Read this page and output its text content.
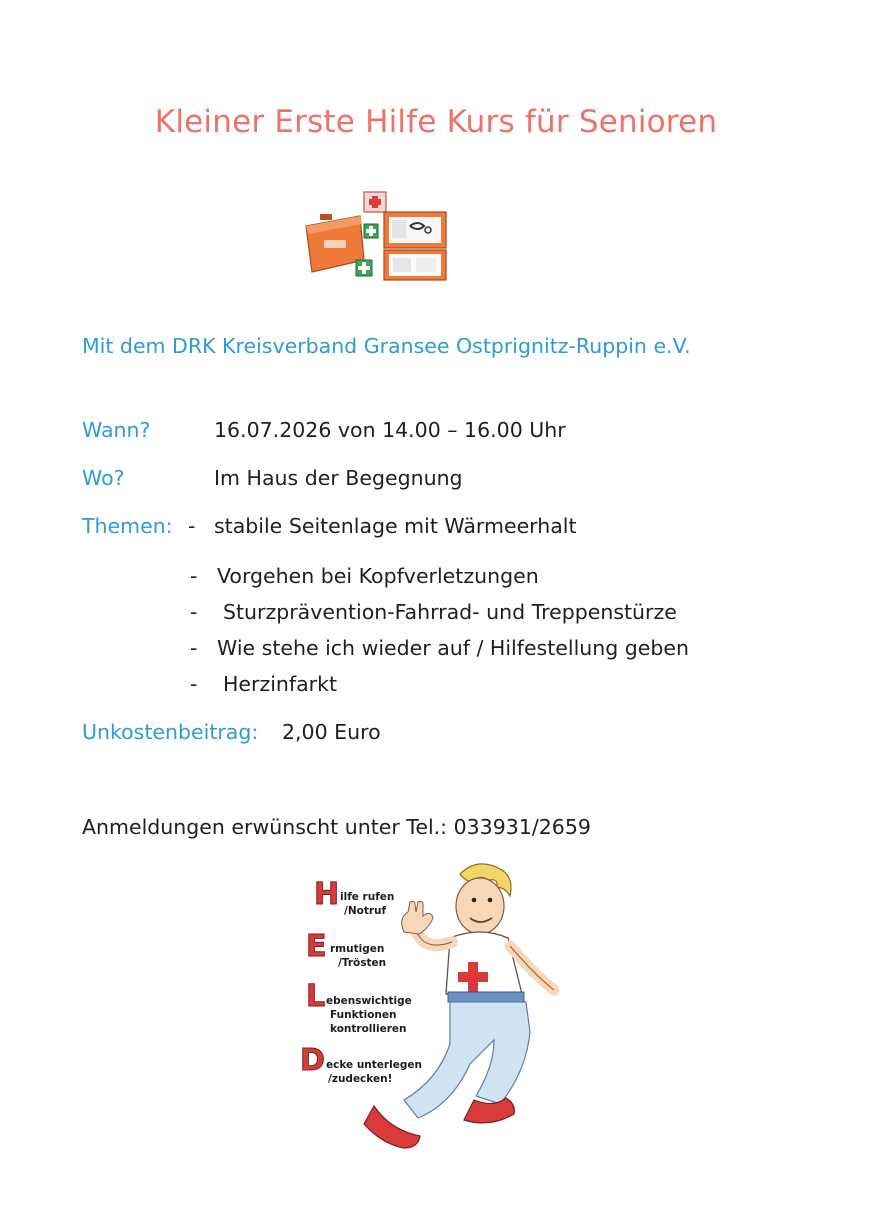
Kleiner Erste Hilfe Kurs für Senioren
Mit dem DRK Kreisverband Gransee Ostprignitz-Ruppin e.V.
Wann?	16.07.2026 von 14.00 – 16.00 Uhr
Wo?	Im Haus der Begegnung
Themen: - stabile Seitenlage mit Wärmeerhalt
- Vorgehen bei Kopfverletzungen
- Sturzprävention-Fahrrad- und Treppenstürze
- Wie stehe ich wieder auf / Hilfestellung geben
- Herzinfarkt
Unkostenbeitrag: 2,00 Euro
Anmeldungen erwünscht unter Tel.: 033931/2659
H ilfe rufen
/Notruf
E rmutigen
/Trösten
L ebenswichtige
Funktionen
kontrollieren
D ecke unterlegen
/zudecken!
